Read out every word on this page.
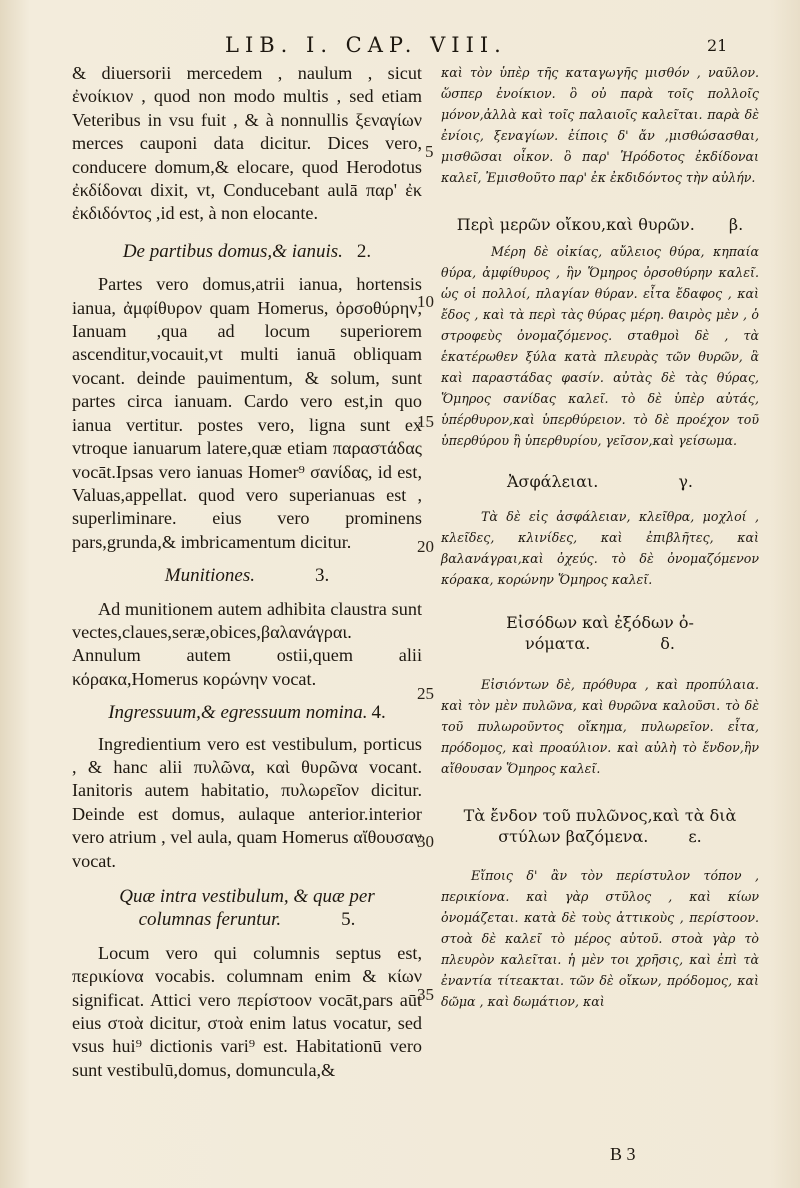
LIB. I. CAP. VIII.	21

& diuersorii mercedem , naulum , sicut ἐνοίκιον , quod non modo multis , sed etiam Veteribus in vsu fuit , & à nonnullis ξεναγίων merces cauponi data dicitur. Dices vero, conducere domum,& elocare, quod Herodotus ἐκδίδοναι dixit, vt, Conducebant aulā παρ' ἐκ ἐκδιδόντος ,id est, à non elocante.

De partibus domus,& ianuis. 2.

Partes vero domus,atrii ianua, hortensis ianua, ἀμφίθυρον quam Homerus, ὀρσοθύρην, Ianuam ,qua ad locum superiorem ascenditur,vocauit,vt multi ianuā obliquam vocant. deinde pauimentum, & solum, sunt partes circa ianuam. Cardo vero est,in quo ianua vertitur. postes vero, ligna sunt ex vtroque ianuarum latere,quæ etiam παραστάδας vocāt.Ipsas vero ianuas Homer⁹ σανίδας, id est, Valuas,appellat. quod vero superianuas est , superliminare. eius vero prominens pars,grunda,& imbricamentum dicitur.

Munitiones.	3.

Ad munitionem autem adhibita claustra sunt vectes,claues,seræ,obices,βαλανάγραι. Annulum autem ostii,quem alii κόρακα,Homerus κορώνην vocat.

Ingressuum,& egressuum nomina. 4.

Ingredientium vero est vestibulum, porticus , & hanc alii πυλῶνα, καὶ θυρῶνα vocant. Ianitoris autem habitatio, πυλωρεῖον dicitur. Deinde est domus, aulaque anterior.interior vero atrium , vel aula, quam Homerus αἴθουσαν vocat.

Quæ intra vestibulum, & quæ per
columnas feruntur.	5.

Locum vero qui columnis septus est, περικίονα vocabis. columnam enim & κίων significat. Attici vero περίστοον vocāt,pars aūt eius στοὰ dicitur, στοὰ enim latus vocatur, sed vsus hui⁹ dictionis vari⁹ est. Habitationū vero sunt vestibulū,domus, domuncula,&

καὶ τὸν ὑπὲρ τῆς καταγωγῆς μισθόν , ναῦλον. ὥσπερ ἐνοίκιον. ὃ οὐ παρὰ τοῖς πολλοῖς μόνον,ἀλλὰ καὶ τοῖς παλαιοῖς καλεῖται. παρὰ δὲ ἐνίοις, ξεναγίων. ἐίποις δ' ἄν ,μισθώσασθαι, μισθῶσαι οἶκον. ὃ παρ' Ἡρόδοτος ἐκδίδοναι καλεῖ, Ἐμισθοῦτο παρ' ἐκ ἐκδιδόντος τὴν αὐλήν.

Περὶ μερῶν οἴκου,καὶ θυρῶν. β.

Μέρη δὲ οἰκίας, αὔλειος θύρα, κηπαία θύρα, ἀμφίθυρος , ἣν Ὅμηρος ὀρσοθύρην καλεῖ. ὡς οἱ πολλοί, πλαγίαν θύραν. εἶτα ἔδαφος , καὶ ἔδος , καὶ τὰ περὶ τὰς θύρας μέρη. θαιρὸς μὲν , ὁ στροφεὺς ὀνομαζόμενος. σταθμοὶ δὲ , τὰ ἑκατέρωθεν ξύλα κατὰ πλευρὰς τῶν θυρῶν, ἃ καὶ παραστάδας φασίν. αὐτὰς δὲ τὰς θύρας, Ὅμηρος σανίδας καλεῖ. τὸ δὲ ὑπὲρ αὐτάς, ὑπέρθυρον,καὶ ὑπερθύρειον. τὸ δὲ προέχον τοῦ ὑπερθύρου ἢ ὑπερθυρίου, γεῖσον,καὶ γείσωμα.

Ἀσφάλειαι.	γ.

Τὰ δὲ εἰς ἀσφάλειαν, κλεῖθρα, μοχλοί , κλεῖδες, κλινίδες, καὶ ἐπιβλῆτες, καὶ βαλανάγραι,καὶ ὀχεύς. τὸ δὲ ὀνομαζόμενον κόρακα, κορώνην Ὅμηρος καλεῖ.

Εἰσόδων καὶ ἐξόδων ὀ-
νόματα.	δ.

Εἰσιόντων δὲ, πρόθυρα , καὶ προπύλαια. καὶ τὸν μὲν πυλῶνα, καὶ θυρῶνα καλοῦσι. τὸ δὲ τοῦ πυλωροῦντος οἴκημα, πυλωρεῖον. εἶτα, πρόδομος, καὶ προαύλιον. καὶ αὐλὴ τὸ ἔνδον,ἣν αἴθουσαν Ὅμηρος καλεῖ.

Τὰ ἔνδον τοῦ πυλῶνος,καὶ τὰ διὰ
στύλων βαζόμενα.	ε.

Εἴποις δ' ἂν τὸν περίστυλον τόπον , περικίονα. καὶ γὰρ στῦλος , καὶ κίων ὀνομάζεται. κατὰ δὲ τοὺς ἀττικοὺς , περίστοον. στοὰ δὲ καλεῖ τὸ μέρος αὐτοῦ. στοὰ γὰρ τὸ πλευρὸν καλεῖται. ἡ μὲν τοι χρῆσις, καὶ ἐπὶ τὰ ἐναντία τίτεακται. τῶν δὲ οἴκων, πρόδομος, καὶ δῶμα , καὶ δωμάτιον, καὶ

5
10
15
20
25
30
35
B 3
